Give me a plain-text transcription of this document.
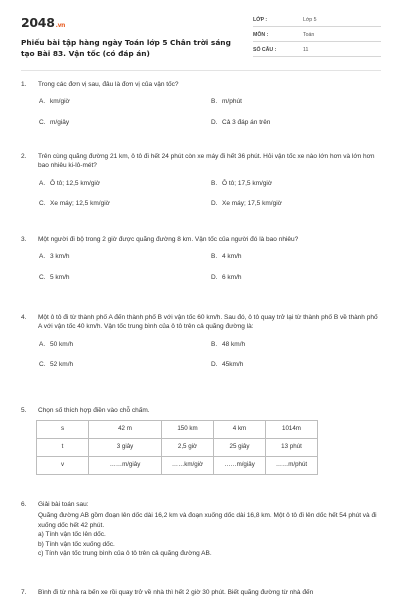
2048.vn
Phiếu bài tập hàng ngày Toán lớp 5 Chân trời sáng tạo Bài 83. Vận tốc (có đáp án)
LỚP :	Lớp 5
MÔN :	Toán
SỐ CÂU :	11
1.	Trong các đơn vị sau, đâu là đơn vị của vận tốc?
A. km/giờ	B. m/phút
C. m/giây	D. Cả 3 đáp án trên
2.	Trên cùng quãng đường 21 km, ô tô đi hết 24 phút còn xe máy đi hết 36 phút. Hỏi vận tốc xe nào lớn hơn và lớn hơn bao nhiêu ki-lô-mét?
A. Ô tô; 12,5 km/giờ	B. Ô tô; 17,5 km/giờ
C. Xe máy; 12,5 km/giờ	D. Xe máy; 17,5 km/giờ
3.	Một người đi bộ trong 2 giờ được quãng đường 8 km. Vận tốc của người đó là bao nhiêu?
A. 3 km/h	B. 4 km/h
C. 5 km/h	D. 6 km/h
4.	Một ô tô đi từ thành phố A đến thành phố B với vận tốc 60 km/h. Sau đó, ô tô quay trở lại từ thành phố B về thành phố A với vận tốc 40 km/h. Vận tốc trung bình của ô tô trên cả quãng đường là:
A. 50 km/h	B. 48 km/h
C. 52 km/h	D. 45km/h
5.	Chọn số thích hợp điền vào chỗ chấm.
s	42 m	150 km	4 km	1014m
t	3 giây	2,5 giờ	25 giây	13 phút
v	……m/giây	……km/giờ	……m/giây	……m/phút
6.	Giải bài toán sau:
Quãng đường AB gồm đoạn lên dốc dài 16,2 km và đoạn xuống dốc dài 16,8 km. Một ô tô đi lên dốc hết 54 phút và đi xuống dốc hết 42 phút.
a) Tính vận tốc lên dốc.
b) Tính vận tốc xuống dốc.
c) Tính vận tốc trung bình của ô tô trên cả quãng đường AB.
7.	Bình đi từ nhà ra bến xe rồi quay trở về nhà thì hết 2 giờ 30 phút. Biết quãng đường từ nhà đến
